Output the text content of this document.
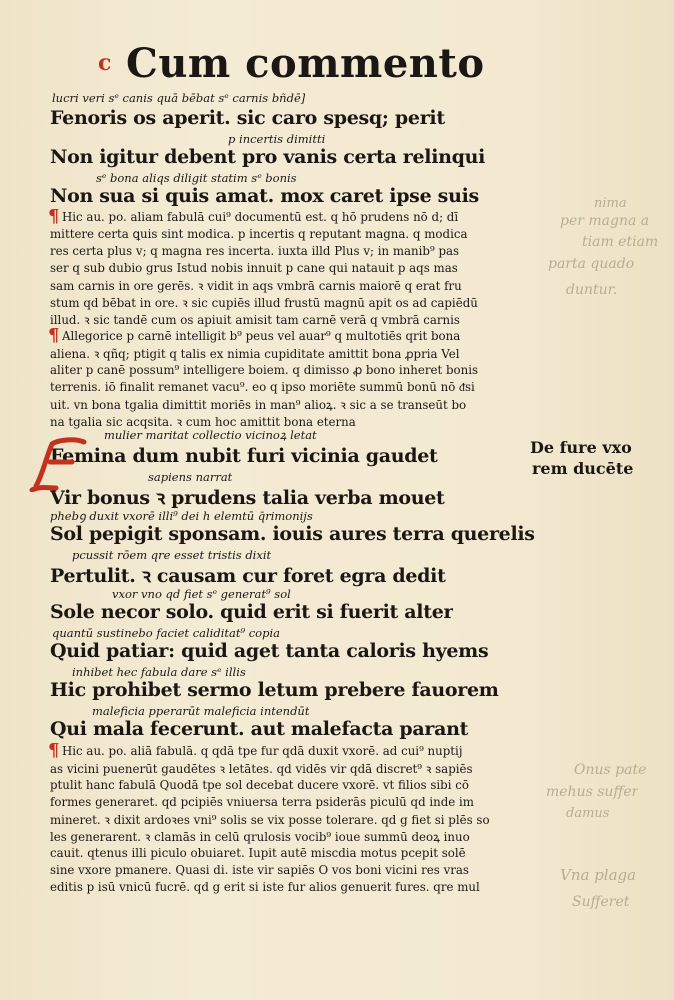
c Cum commento
lucri veri sᵉ canis quā bēbat sᵉ carnis bñdē]
Fenoris os aperit. sic caro spesq; perit
p incertis dimitti
Non igitur debent pro vanis certa relinqui
sᵉ bona aliqs diligit statim sᵉ bonis
Non sua si quis amat. mox caret ipse suis
Hic au. po. aliam fabulā cui⁹ documentū est. q hō prudens nō d; dī
mittere certa ꝗuis sint modica. p incertis q reputant magna. q modica
res certa plus v; q magna res incerta. iuxta illd Plus v; in manib⁹ pas
ser q sub dubio grus Istud nobis innuit p cane qui natauit p aqs mas
sam carnis in ore gerēs. ꝛ vidit in aqs vmbrā carnis maiorē q erat fru
stum qd bēbat in ore. ꝛ sic cupiēs illud frustū magnū apit os ad capiēdū
illud. ꝛ sic tandē cum os apiuit amisit tam carnē verā q vmbrā carnis
Allegorice p carnē intelligit b⁹ peus vel auar⁹ q multotiēs qrit bona
aliena. ꝛ qñq; ptigit q talis ex nimia cupiditate amittit bona ꝓpria Vel
aliter p canē possum⁹ intelligere boiem. q dimisso ꝓ bono inheret bonis
terrenis. iō finalit remanet vacu⁹. eo q ipso moriēte summū bonū nō ᵭsi
uit. vn bona tgalia dimittit moriēs in man⁹ alioꝝ. ꝛ sic a se transeūt bo
na tgalia sic acqsita. ꝛ cum hoc amittit bona eterna
mulier maritat collectio vicinoꝝ letat
Femina dum nubit furi vicinia gaudet
sapiens narrat
Vir bonus ꝛ prudens talia verba mouet
phebꝯ duxit vxorē illi⁹ dei h elemtū q̄rimonijs
Sol pepigit sponsam. iouis aures terra querelis
pcussit rōem qre esset tristis dixit
Pertulit. ꝛ causam cur foret egra dedit
vxor vno qd fiet sᵉ generat⁹ sol
Sole necor solo. quid erit si fuerit alter
quantū sustinebo faciet caliditat⁹ copia
Quid patiar: quid aget tanta caloris hyems
inhibet hec fabula dare sᵉ illis
Hic prohibet sermo letum prebere fauorem
maleficia pperarūt maleficia intendūt
Qui mala fecerunt. aut malefacta parant
Hic au. po. aliā fabulā. q qdā tpe fur qdā duxit vxorē. ad cui⁹ nuptij
as vicini puenerūt gaudētes ꝛ letātes. qd vidēs vir qdā discret⁹ ꝛ sapiēs
ptulit hanc fabulā Quodā tpe sol decebat ducere vxorē. vt filios sibi cō
formes generaret. qd pcipiēs vniuersa terra psiderās piculū qd inde im
mineret. ꝛ dixit ardoꝛes vni⁹ solis se vix posse tolerare. qd g fiet si plēs so
les generarent. ꝛ clamās in celū qrulosis vocib⁹ ioue summū deoꝝ inuo
cauit. qtenus illi piculo obuiaret. Iupit autē miscdia motus pcepit solē
sine vxore pmanere. Quasi di. iste vir sapiēs O vos boni vicini res vras
editis p isū vnicū fucrē. qd g erit si iste fur alios genuerit fures. qre mul
¶
¶
¶
De fure vxo
rem ducēte
nima
per magna a
tiam etiam
parta quado
duntur.
Onus pate
mehus suffer
damus
Vna plaga
Sufferet
